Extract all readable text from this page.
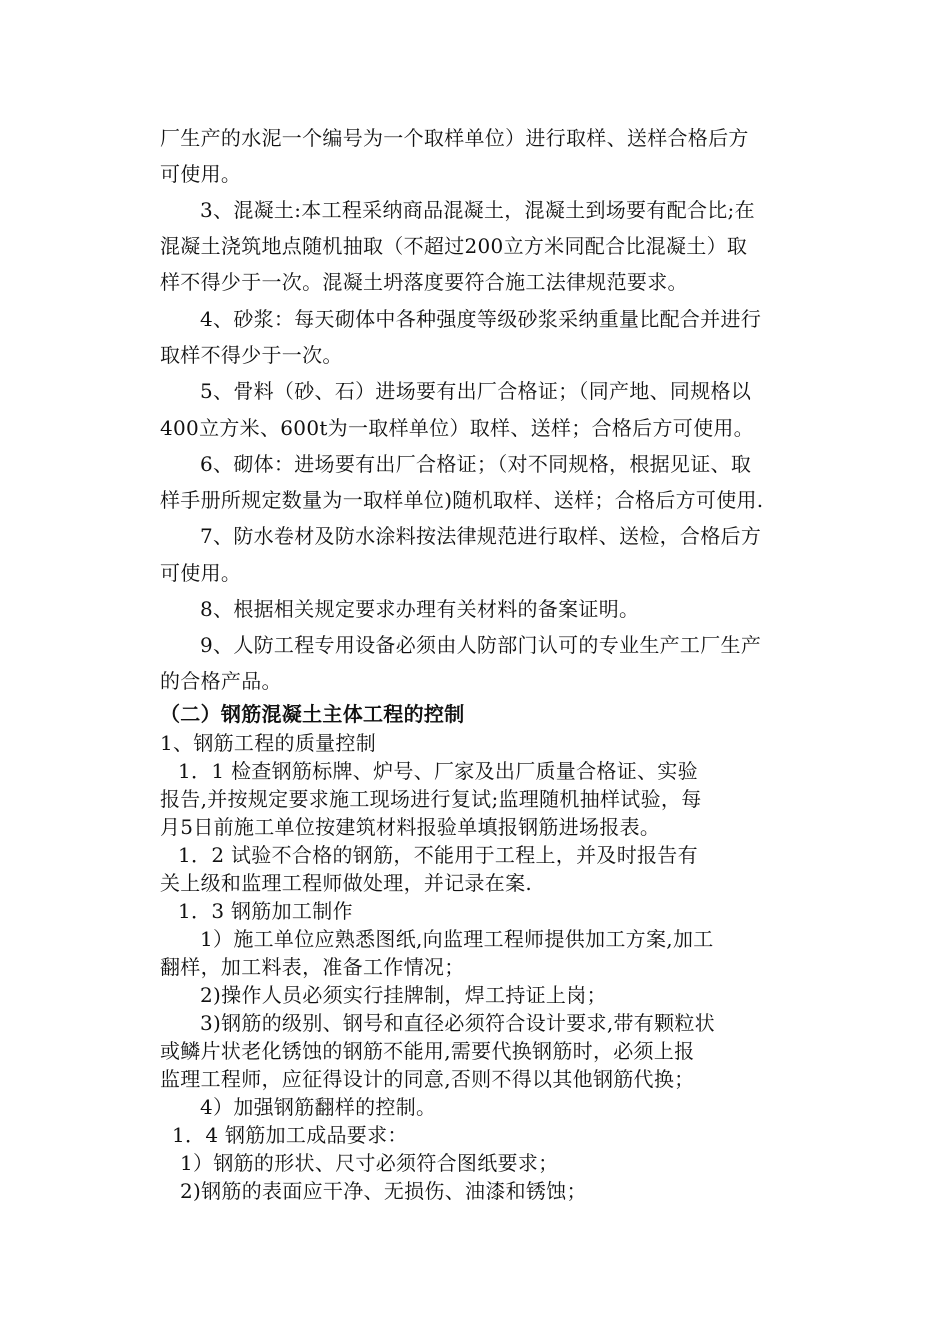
厂生产的水泥一个编号为一个取样单位）进行取样、送样合格后方
可使用。
3、混凝土:本工程采纳商品混凝土，混凝土到场要有配合比;在
混凝土浇筑地点随机抽取（不超过200立方米同配合比混凝土）取
样不得少于一次。混凝土坍落度要符合施工法律规范要求。
4、砂浆：每天砌体中各种强度等级砂浆采纳重量比配合并进行
取样不得少于一次。
5、骨料（砂、石）进场要有出厂合格证；（同产地、同规格以
400立方米、600t为一取样单位）取样、送样；合格后方可使用。
6、砌体：进场要有出厂合格证；（对不同规格，根据见证、取
样手册所规定数量为一取样单位)随机取样、送样；合格后方可使用.
7、防水卷材及防水涂料按法律规范进行取样、送检，合格后方
可使用。
8、根据相关规定要求办理有关材料的备案证明。
9、人防工程专用设备必须由人防部门认可的专业生产工厂生产
的合格产品。
（二）钢筋混凝土主体工程的控制
1、钢筋工程的质量控制
1．1 检查钢筋标牌、炉号、厂家及出厂质量合格证、实验
报告,并按规定要求施工现场进行复试;监理随机抽样试验，每
月5日前施工单位按建筑材料报验单填报钢筋进场报表。
1．2 试验不合格的钢筋，不能用于工程上，并及时报告有
关上级和监理工程师做处理，并记录在案.
1．3 钢筋加工制作
1）施工单位应熟悉图纸,向监理工程师提供加工方案,加工
翻样，加工料表，准备工作情况；
2)操作人员必须实行挂牌制，焊工持证上岗；
3)钢筋的级别、钢号和直径必须符合设计要求,带有颗粒状
或鳞片状老化锈蚀的钢筋不能用,需要代换钢筋时，必须上报
监理工程师，应征得设计的同意,否则不得以其他钢筋代换；
4）加强钢筋翻样的控制。
1．4 钢筋加工成品要求：
1）钢筋的形状、尺寸必须符合图纸要求；
2)钢筋的表面应干净、无损伤、油漆和锈蚀；
